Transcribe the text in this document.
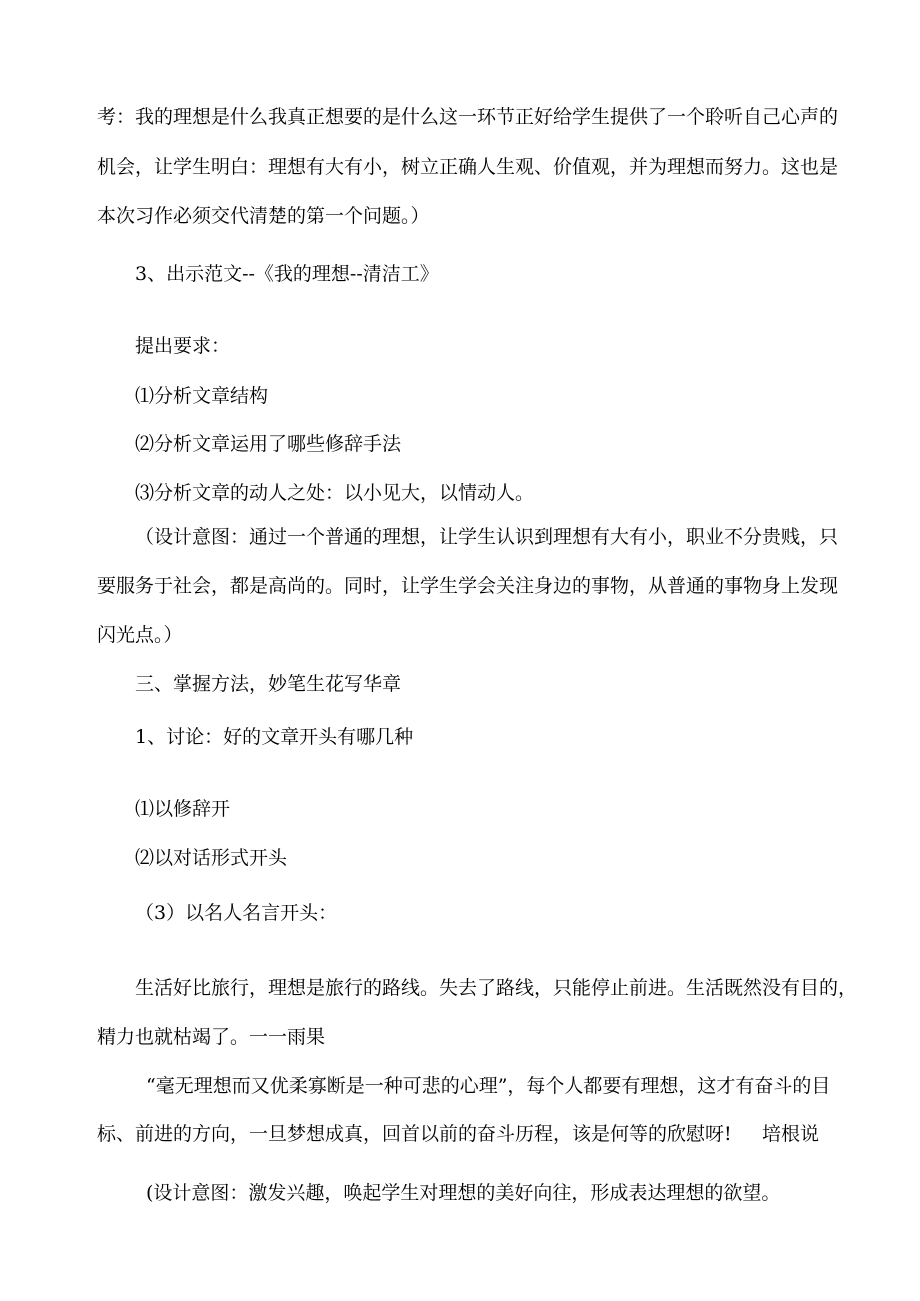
考：我的理想是什么我真正想要的是什么这一环节正好给学生提供了一个聆听自己心声的
机会，让学生明白：理想有大有小，树立正确人生观、价值观，并为理想而努力。这也是
本次习作必须交代清楚的第一个问题。）
3、出示范文--《我的理想--清洁工》
提出要求：
⑴分析文章结构
⑵分析文章运用了哪些修辞手法
⑶分析文章的动人之处：以小见大，以情动人。
（设计意图：通过一个普通的理想，让学生认识到理想有大有小，职业不分贵贱，只
要服务于社会，都是高尚的。同时，让学生学会关注身边的事物，从普通的事物身上发现
闪光点。）
三、掌握方法，妙笔生花写华章
1、讨论：好的文章开头有哪几种
⑴以修辞开
⑵以对话形式开头
（3）以名人名言开头：
生活好比旅行，理想是旅行的路线。失去了路线，只能停止前进。生活既然没有目的，
精力也就枯竭了。一一雨果
“毫无理想而又优柔寡断是一种可悲的心理”，每个人都要有理想，这才有奋斗的目
标、前进的方向，一旦梦想成真，回首以前的奋斗历程，该是何等的欣慰呀! 培根说
(设计意图：激发兴趣，唤起学生对理想的美好向往，形成表达理想的欲望。
